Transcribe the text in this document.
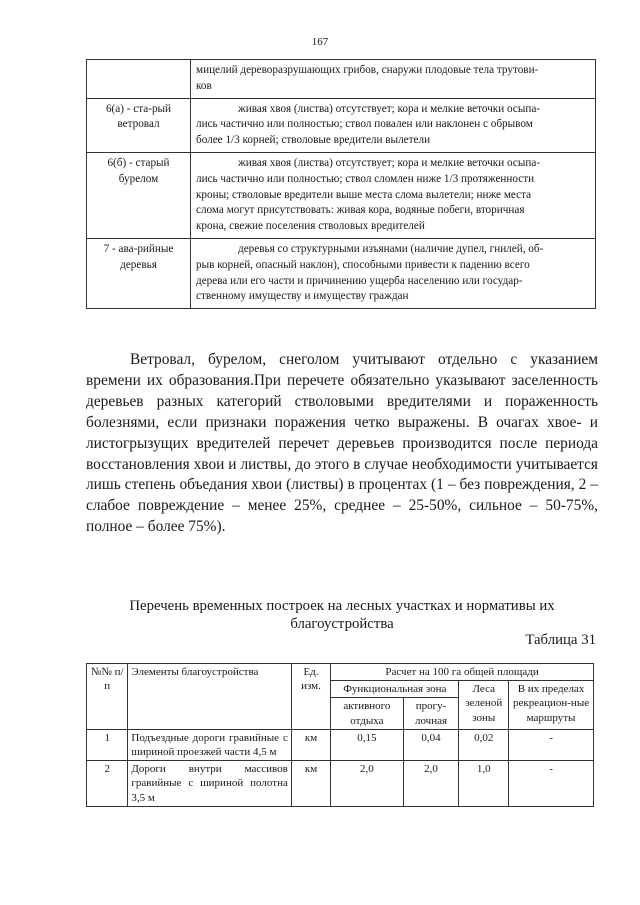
167
	мицелий дереворазрушающих грибов, снаружи плодовые тела трутови-
ков
6(а) - ста-рый ветровал	живая хвоя (листва) отсутствует; кора и мелкие веточки осыпа-
лись частично или полностью; ствол повален или наклонен с обрывом
более 1/3 корней; стволовые вредители вылетели
6(б) - старый бурелом	живая хвоя (листва) отсутствует; кора и мелкие веточки осыпа-
лись частично или полностью; ствол сломлен ниже 1/3 протяженности
кроны; стволовые вредители выше места слома вылетели; ниже места
слома могут присутствовать: живая кора, водяные побеги, вторичная
крона, свежие поселения стволовых вредителей
7 - ава-рийные деревья	деревья со структурными изъянами (наличие дупел, гнилей, об-
рыв корней, опасный наклон), способными привести к падению всего
дерева или его части и причинению ущерба населению или государ-
ственному имуществу и имуществу граждан
Ветровал, бурелом, снеголом учитывают отдельно с указанием времени их образования.При перечете обязательно указывают заселенность деревьев разных категорий стволовыми вредителями и пораженность болезнями, если признаки поражения четко выражены. В очагах хвое- и листогрызущих вредителей перечет деревьев производится после периода восстановления хвои и листвы, до этого в случае необходимости учитывается лишь степень объедания хвои (листвы) в процентах (1 – без повреждения, 2 – слабое повреждение – менее 25%, среднее – 25-50%, сильное – 50-75%, полное – более 75%).
Перечень временных построек на лесных участках и нормативы их благоустройства
Таблица 31
№№ п/п	Элементы благоустройства	Ед. изм.	Расчет на 100 га общей площади			
			Функциональная зона		Леса зеленой зоны	В их пределах рекреацион-ные маршруты
			активного отдыха	прогу-лочная		
1	Подъездные дороги гравийные с шириной проезжей части 4,5 м	км	0,15	0,04	0,02	-
2	Дороги внутри массивов гравийные с шириной полотна 3,5 м	км	2,0	2,0	1,0	-
